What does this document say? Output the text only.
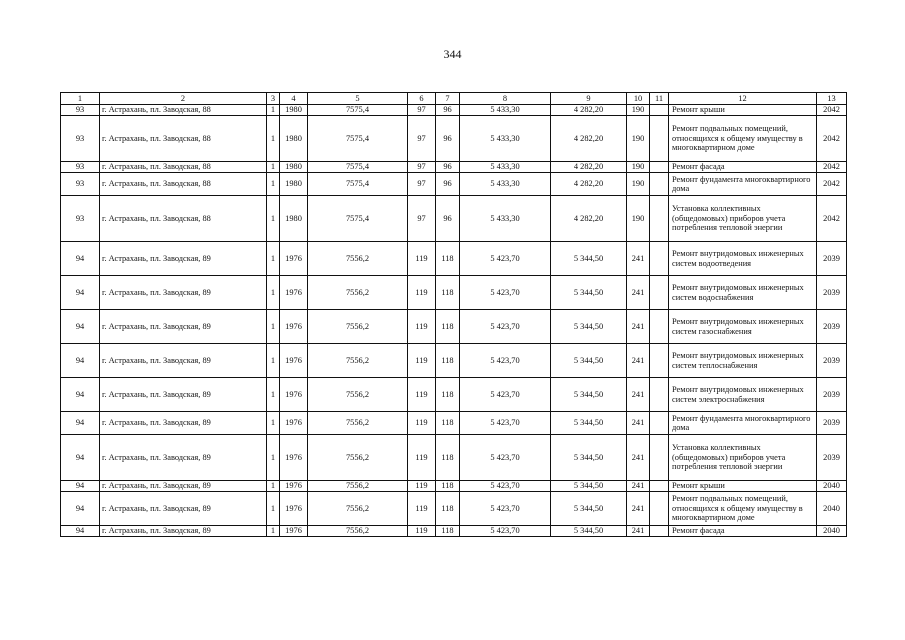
344
1	2	3	4	5	6	7	8	9	10	11	12	13
93	г. Астрахань, пл. Заводская, 88	1	1980	7575,4	97	96	5 433,30	4 282,20	190		Ремонт крыши	2042
93	г. Астрахань, пл. Заводская, 88	1	1980	7575,4	97	96	5 433,30	4 282,20	190		Ремонт подвальных помещений, относящихся к общему имуществу в многоквартирном доме	2042
93	г. Астрахань, пл. Заводская, 88	1	1980	7575,4	97	96	5 433,30	4 282,20	190		Ремонт фасада	2042
93	г. Астрахань, пл. Заводская, 88	1	1980	7575,4	97	96	5 433,30	4 282,20	190		Ремонт фундамента многоквартирного дома	2042
93	г. Астрахань, пл. Заводская, 88	1	1980	7575,4	97	96	5 433,30	4 282,20	190		Установка коллективных (общедомовых) приборов учета потребления тепловой энергии	2042
94	г. Астрахань, пл. Заводская, 89	1	1976	7556,2	119	118	5 423,70	5 344,50	241		Ремонт внутридомовых инженерных систем водоотведения	2039
94	г. Астрахань, пл. Заводская, 89	1	1976	7556,2	119	118	5 423,70	5 344,50	241		Ремонт внутридомовых инженерных систем водоснабжения	2039
94	г. Астрахань, пл. Заводская, 89	1	1976	7556,2	119	118	5 423,70	5 344,50	241		Ремонт внутридомовых инженерных систем газоснабжения	2039
94	г. Астрахань, пл. Заводская, 89	1	1976	7556,2	119	118	5 423,70	5 344,50	241		Ремонт внутридомовых инженерных систем теплоснабжения	2039
94	г. Астрахань, пл. Заводская, 89	1	1976	7556,2	119	118	5 423,70	5 344,50	241		Ремонт внутридомовых инженерных систем электроснабжения	2039
94	г. Астрахань, пл. Заводская, 89	1	1976	7556,2	119	118	5 423,70	5 344,50	241		Ремонт фундамента многоквартирного дома	2039
94	г. Астрахань, пл. Заводская, 89	1	1976	7556,2	119	118	5 423,70	5 344,50	241		Установка коллективных (общедомовых) приборов учета потребления тепловой энергии	2039
94	г. Астрахань, пл. Заводская, 89	1	1976	7556,2	119	118	5 423,70	5 344,50	241		Ремонт крыши	2040
94	г. Астрахань, пл. Заводская, 89	1	1976	7556,2	119	118	5 423,70	5 344,50	241		Ремонт подвальных помещений, относящихся к общему имуществу в многоквартирном доме	2040
94	г. Астрахань, пл. Заводская, 89	1	1976	7556,2	119	118	5 423,70	5 344,50	241		Ремонт фасада	2040
